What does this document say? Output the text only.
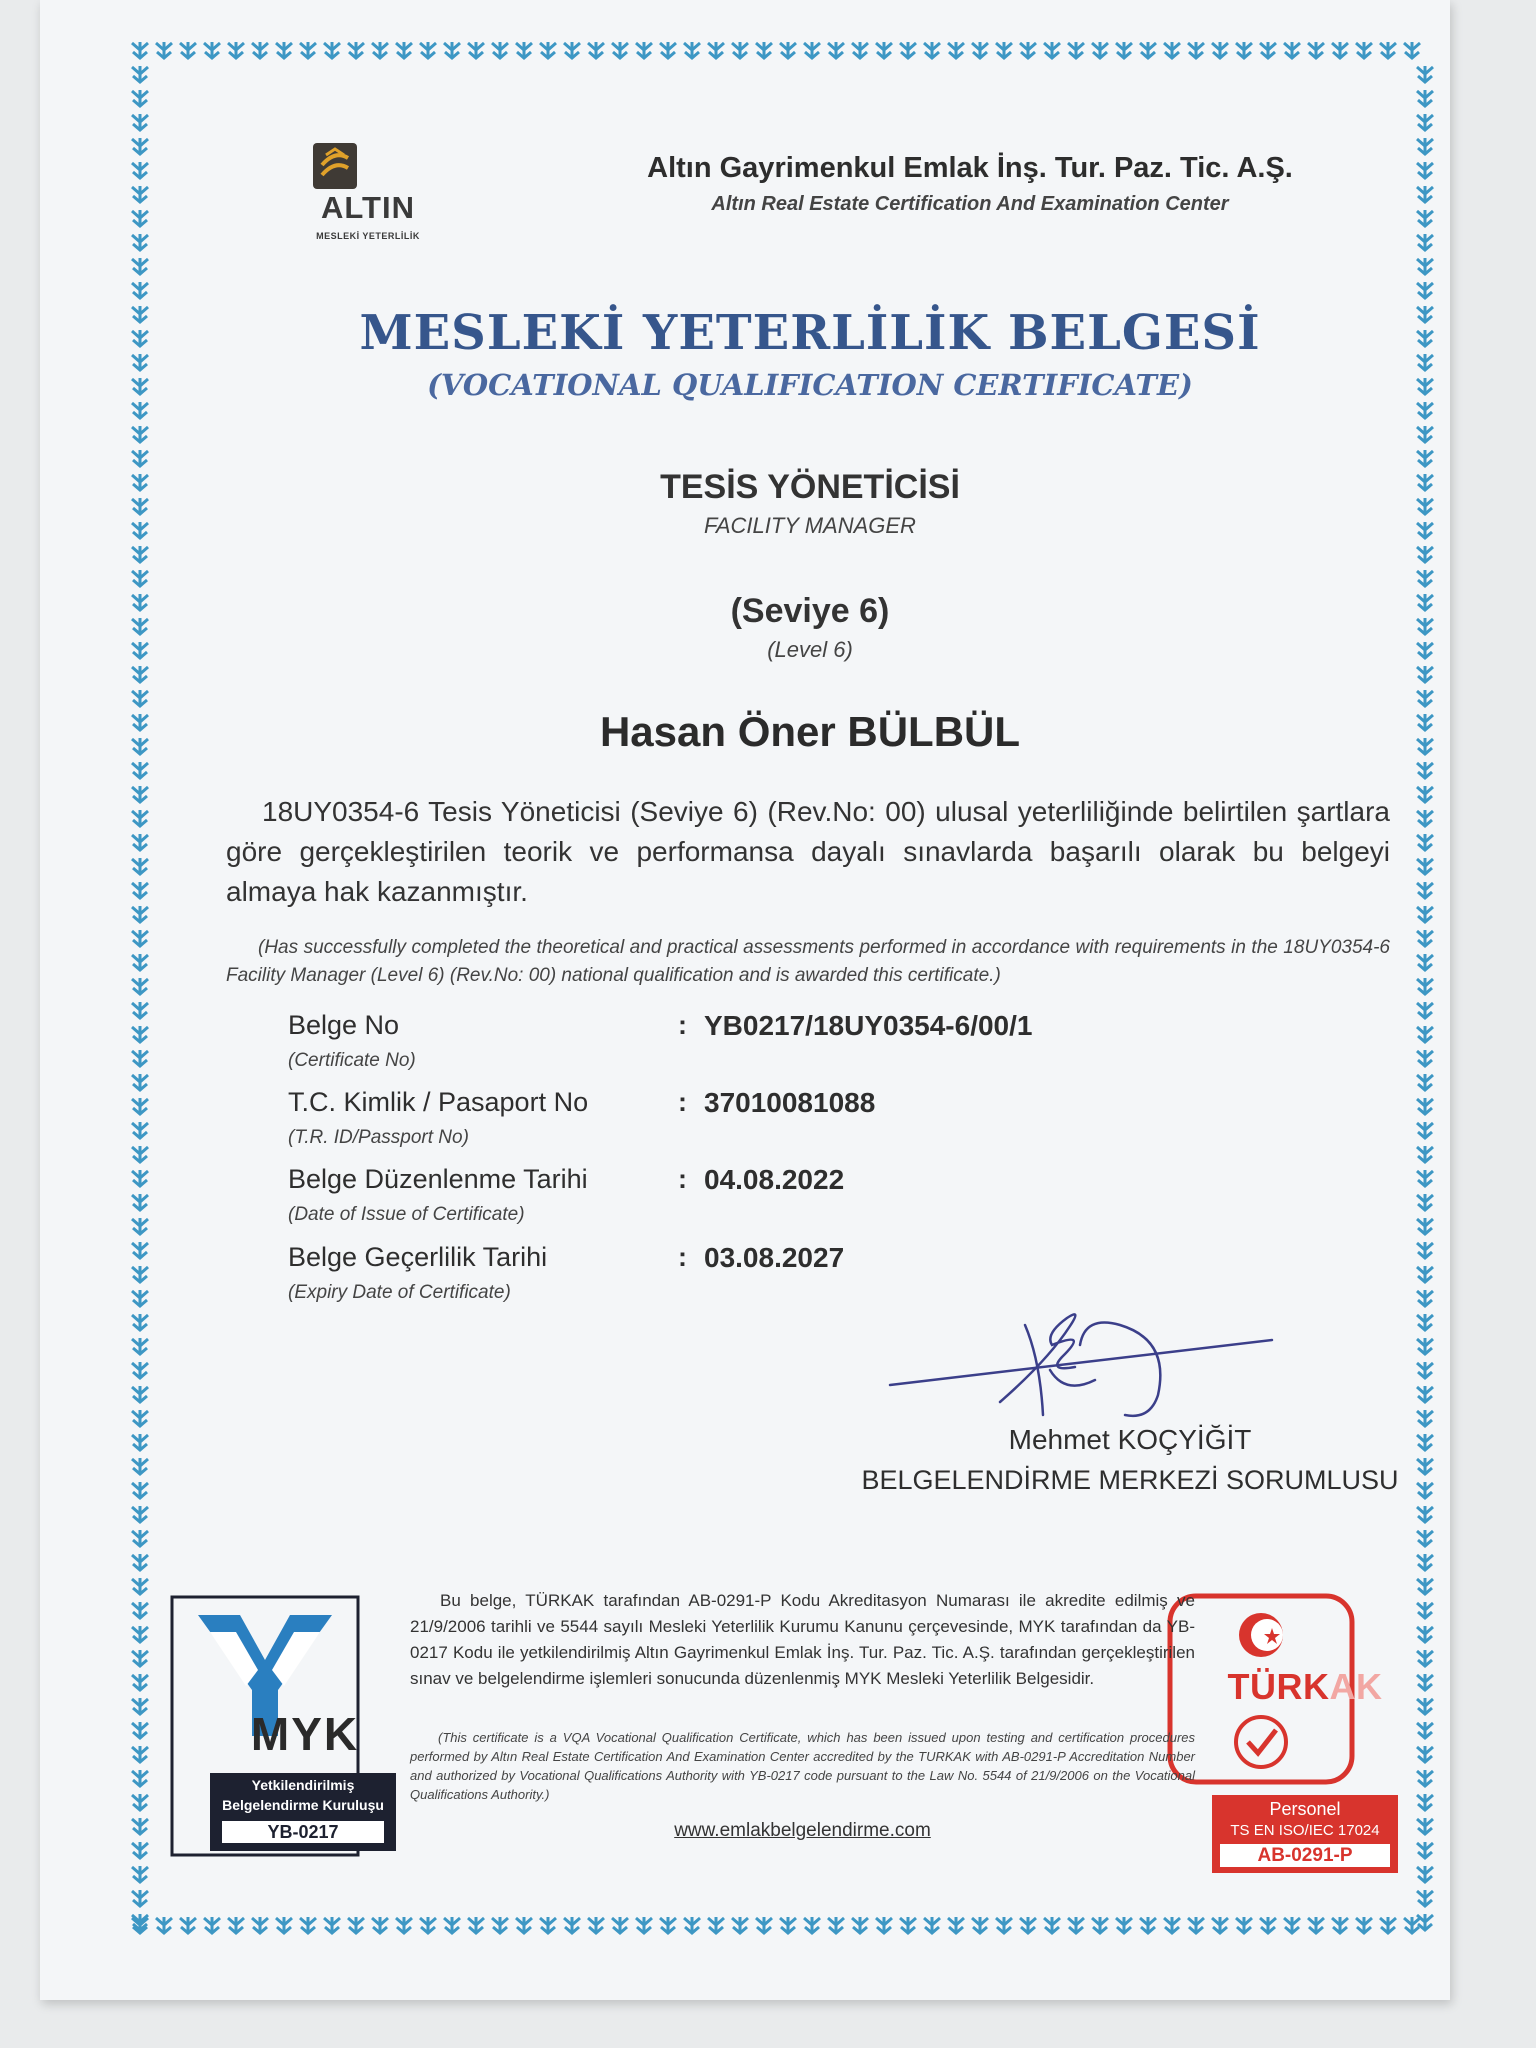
ALTIN
MESLEKİ YETERLİLİK
Altın Gayrimenkul Emlak İnş. Tur. Paz. Tic. A.Ş.
Altın Real Estate Certification And Examination Center
MESLEKİ YETERLİLİK BELGESİ
(VOCATIONAL QUALIFICATION CERTIFICATE)
TESİS YÖNETİCİSİ
FACILITY MANAGER
(Seviye 6)
(Level 6)
Hasan Öner BÜLBÜL
18UY0354-6 Tesis Yöneticisi (Seviye 6) (Rev.No: 00) ulusal yeterliliğinde belirtilen şartlara göre gerçekleştirilen teorik ve performansa dayalı sınavlarda başarılı olarak bu belgeyi almaya hak kazanmıştır.
(Has successfully completed the theoretical and practical assessments performed in accordance with requirements in the 18UY0354-6 Facility Manager (Level 6) (Rev.No: 00) national qualification and is awarded this certificate.)
Belge No
(Certificate No)
: YB0217/18UY0354-6/00/1
T.C. Kimlik / Pasaport No
(T.R. ID/Passport No)
: 37010081088
Belge Düzenlenme Tarihi
(Date of Issue of Certificate)
: 04.08.2022
Belge Geçerlilik Tarihi
(Expiry Date of Certificate)
: 03.08.2027
Mehmet KOÇYİĞİT
BELGELENDİRME MERKEZİ SORUMLUSU
Bu belge, TÜRKAK tarafından AB-0291-P Kodu Akreditasyon Numarası ile akredite edilmiş ve 21/9/2006 tarihli ve 5544 sayılı Mesleki Yeterlilik Kurumu Kanunu çerçevesinde, MYK tarafından da YB-0217 Kodu ile yetkilendirilmiş Altın Gayrimenkul Emlak İnş. Tur. Paz. Tic. A.Ş. tarafından gerçekleştirilen sınav ve belgelendirme işlemleri sonucunda düzenlenmiş MYK Mesleki Yeterlilik Belgesidir.
(This certificate is a VQA Vocational Qualification Certificate, which has been issued upon testing and certification procedures performed by Altın Real Estate Certification And Examination Center accredited by the TURKAK with AB-0291-P Accreditation Number and authorized by Vocational Qualifications Authority with YB-0217 code pursuant to the Law No. 5544 of 21/9/2006 on the Vocational Qualifications Authority.)
www.emlakbelgelendirme.com
MYK
Yetkilendirilmiş
Belgelendirme Kuruluşu
YB-0217
TÜRKAK
Personel
TS EN ISO/IEC 17024
AB-0291-P
